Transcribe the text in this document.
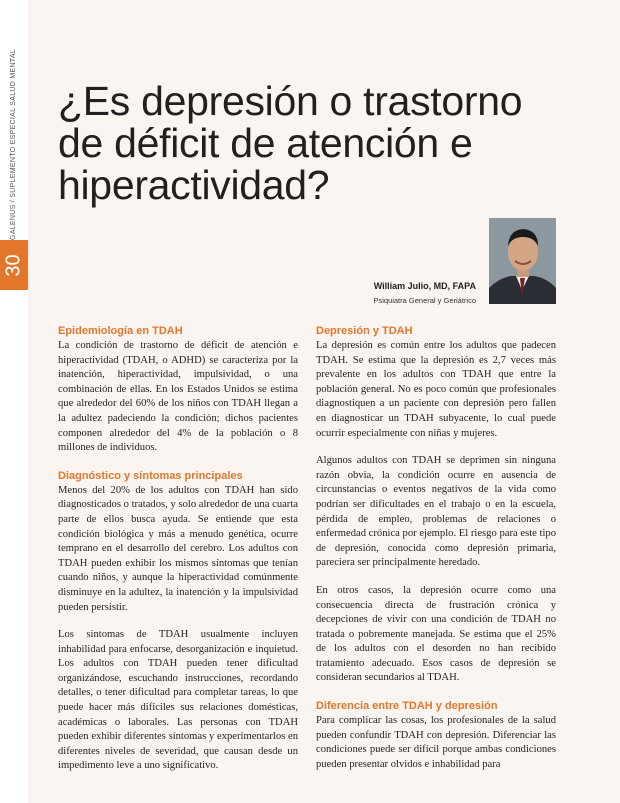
GALENUS / SUPLEMENTO ESPECIAL SALUD MENTAL
30
¿Es depresión o trastorno de déficit de atención e hiperactividad?
William Julio, MD, FAPA
Psiquiatra General y Geriátrico
Epidemiología en TDAH

La condición de trastorno de déficit de atención e hiperactividad (TDAH, o ADHD) se caracteriza por la inatención, hiperactividad, impulsividad, o una combinación de ellas. En los Estados Unidos se estima que alrededor del 60% de los niños con TDAH llegan a la adultez padeciendo la condición; dichos pacientes componen alrededor del 4% de la población o 8 millones de individuos.

Diagnóstico y síntomas principales

Menos del 20% de los adultos con TDAH han sido diagnosticados o tratados, y solo alrededor de una cuarta parte de ellos busca ayuda. Se entiende que esta condición biológica y más a menudo genética, ocurre temprano en el desarrollo del cerebro. Los adultos con TDAH pueden exhibir los mismos síntomas que tenían cuando niños, y aunque la hiperactividad comúnmente disminuye en la adultez, la inatención y la impulsividad pueden persistir.

Los síntomas de TDAH usualmente incluyen inhabilidad para enfocarse, desorganización e inquietud. Los adultos con TDAH pueden tener dificultad organizándose, escuchando instrucciones, recordando detalles, o tener dificultad para completar tareas, lo que puede hacer más difíciles sus relaciones domésticas, académicas o laborales. Las personas con TDAH pueden exhibir diferentes síntomas y experimentarlos en diferentes niveles de severidad, que causan desde un impedimento leve a uno significativo.

Depresión y TDAH

La depresión es común entre los adultos que padecen TDAH. Se estima que la depresión es 2,7 veces más prevalente en los adultos con TDAH que entre la población general. No es poco común que profesionales diagnostiquen a un paciente con depresión pero fallen en diagnosticar un TDAH subyacente, lo cual puede ocurrir especialmente con niñas y mujeres.

Algunos adultos con TDAH se deprimen sin ninguna razón obvia, la condición ocurre en ausencia de circunstancias o eventos negativos de la vida como podrían ser dificultades en el trabajo o en la escuela, pérdida de empleo, problemas de relaciones o enfermedad crónica por ejemplo. El riesgo para este tipo de depresión, conocida como depresión primaria, pareciera ser principalmente heredado.

En otros casos, la depresión ocurre como una consecuencia directa de frustración crónica y decepciones de vivir con una condición de TDAH no tratada o pobremente manejada. Se estima que el 25% de los adultos con el desorden no han recibido tratamiento adecuado. Esos casos de depresión se consideran secundarios al TDAH.

Diferencia entre TDAH y depresión

Para complicar las cosas, los profesionales de la salud pueden confundir TDAH con depresión. Diferenciar las condiciones puede ser difícil porque ambas condiciones pueden presentar olvidos e inhabilidad para
